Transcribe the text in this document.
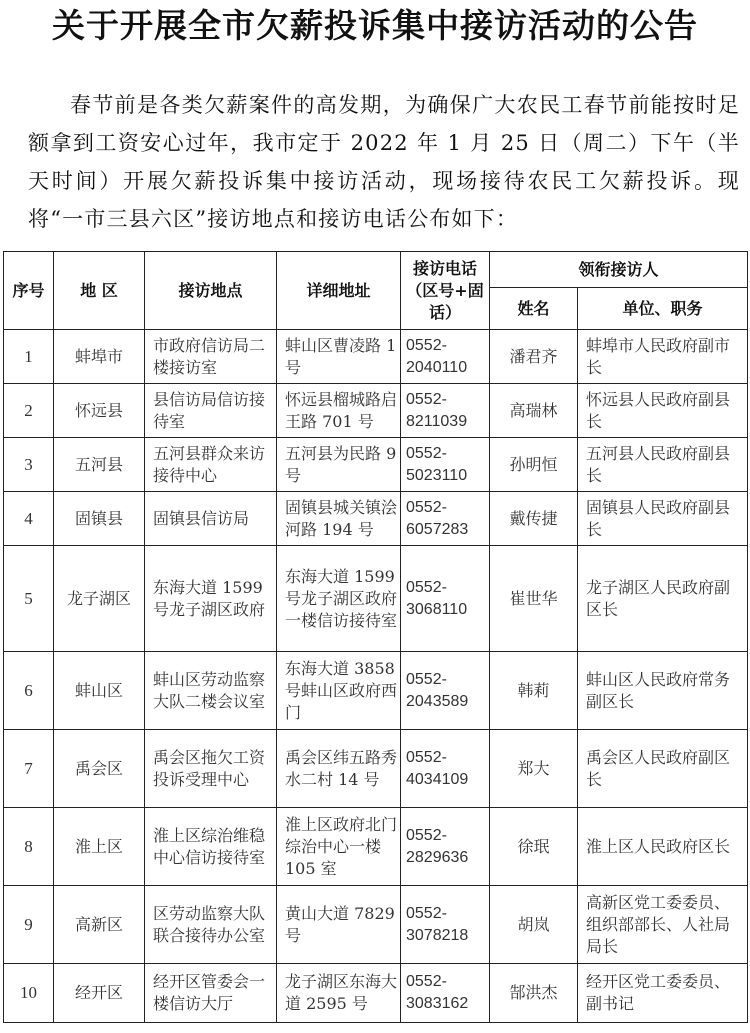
关于开展全市欠薪投诉集中接访活动的公告
春节前是各类欠薪案件的高发期，为确保广大农民工春节前能按时足额拿到工资安心过年，我市定于 2022 年 1 月 25 日（周二）下午（半天时间）开展欠薪投诉集中接访活动，现场接待农民工欠薪投诉。现将“一市三县六区”接访地点和接访电话公布如下：
序号	地 区	接访地点	详细地址	接访电话（区号+固话）	领衔接访人	
					姓名	单位、职务
1	蚌埠市	市政府信访局二楼接访室	蚌山区曹凌路 1 号	0552-2040110	潘君齐	蚌埠市人民政府副市长
2	怀远县	县信访局信访接待室	怀远县榴城路启王路 701 号	0552-8211039	高瑞林	怀远县人民政府副县长
3	五河县	五河县群众来访接待中心	五河县为民路 9 号	0552-5023110	孙明恒	五河县人民政府副县长
4	固镇县	固镇县信访局	固镇县城关镇浍河路 194 号	0552-6057283	戴传捷	固镇县人民政府副县长
5	龙子湖区	东海大道 1599 号龙子湖区政府	东海大道 1599 号龙子湖区政府一楼信访接待室	0552-3068110	崔世华	龙子湖区人民政府副区长
6	蚌山区	蚌山区劳动监察大队二楼会议室	东海大道 3858 号蚌山区政府西门	0552-2043589	韩莉	蚌山区人民政府常务副区长
7	禹会区	禹会区拖欠工资投诉受理中心	禹会区纬五路秀水二村 14 号	0552-4034109	郑大	禹会区人民政府副区长
8	淮上区	淮上区综治维稳中心信访接待室	淮上区政府北门综治中心一楼 105 室	0552-2829636	徐珉	淮上区人民政府区长
9	高新区	区劳动监察大队联合接待办公室	黄山大道 7829 号	0552-3078218	胡岚	高新区党工委委员、组织部部长、人社局局长
10	经开区	经开区管委会一楼信访大厅	龙子湖区东海大道 2595 号	0552-3083162	郜洪杰	经开区党工委委员、副书记
